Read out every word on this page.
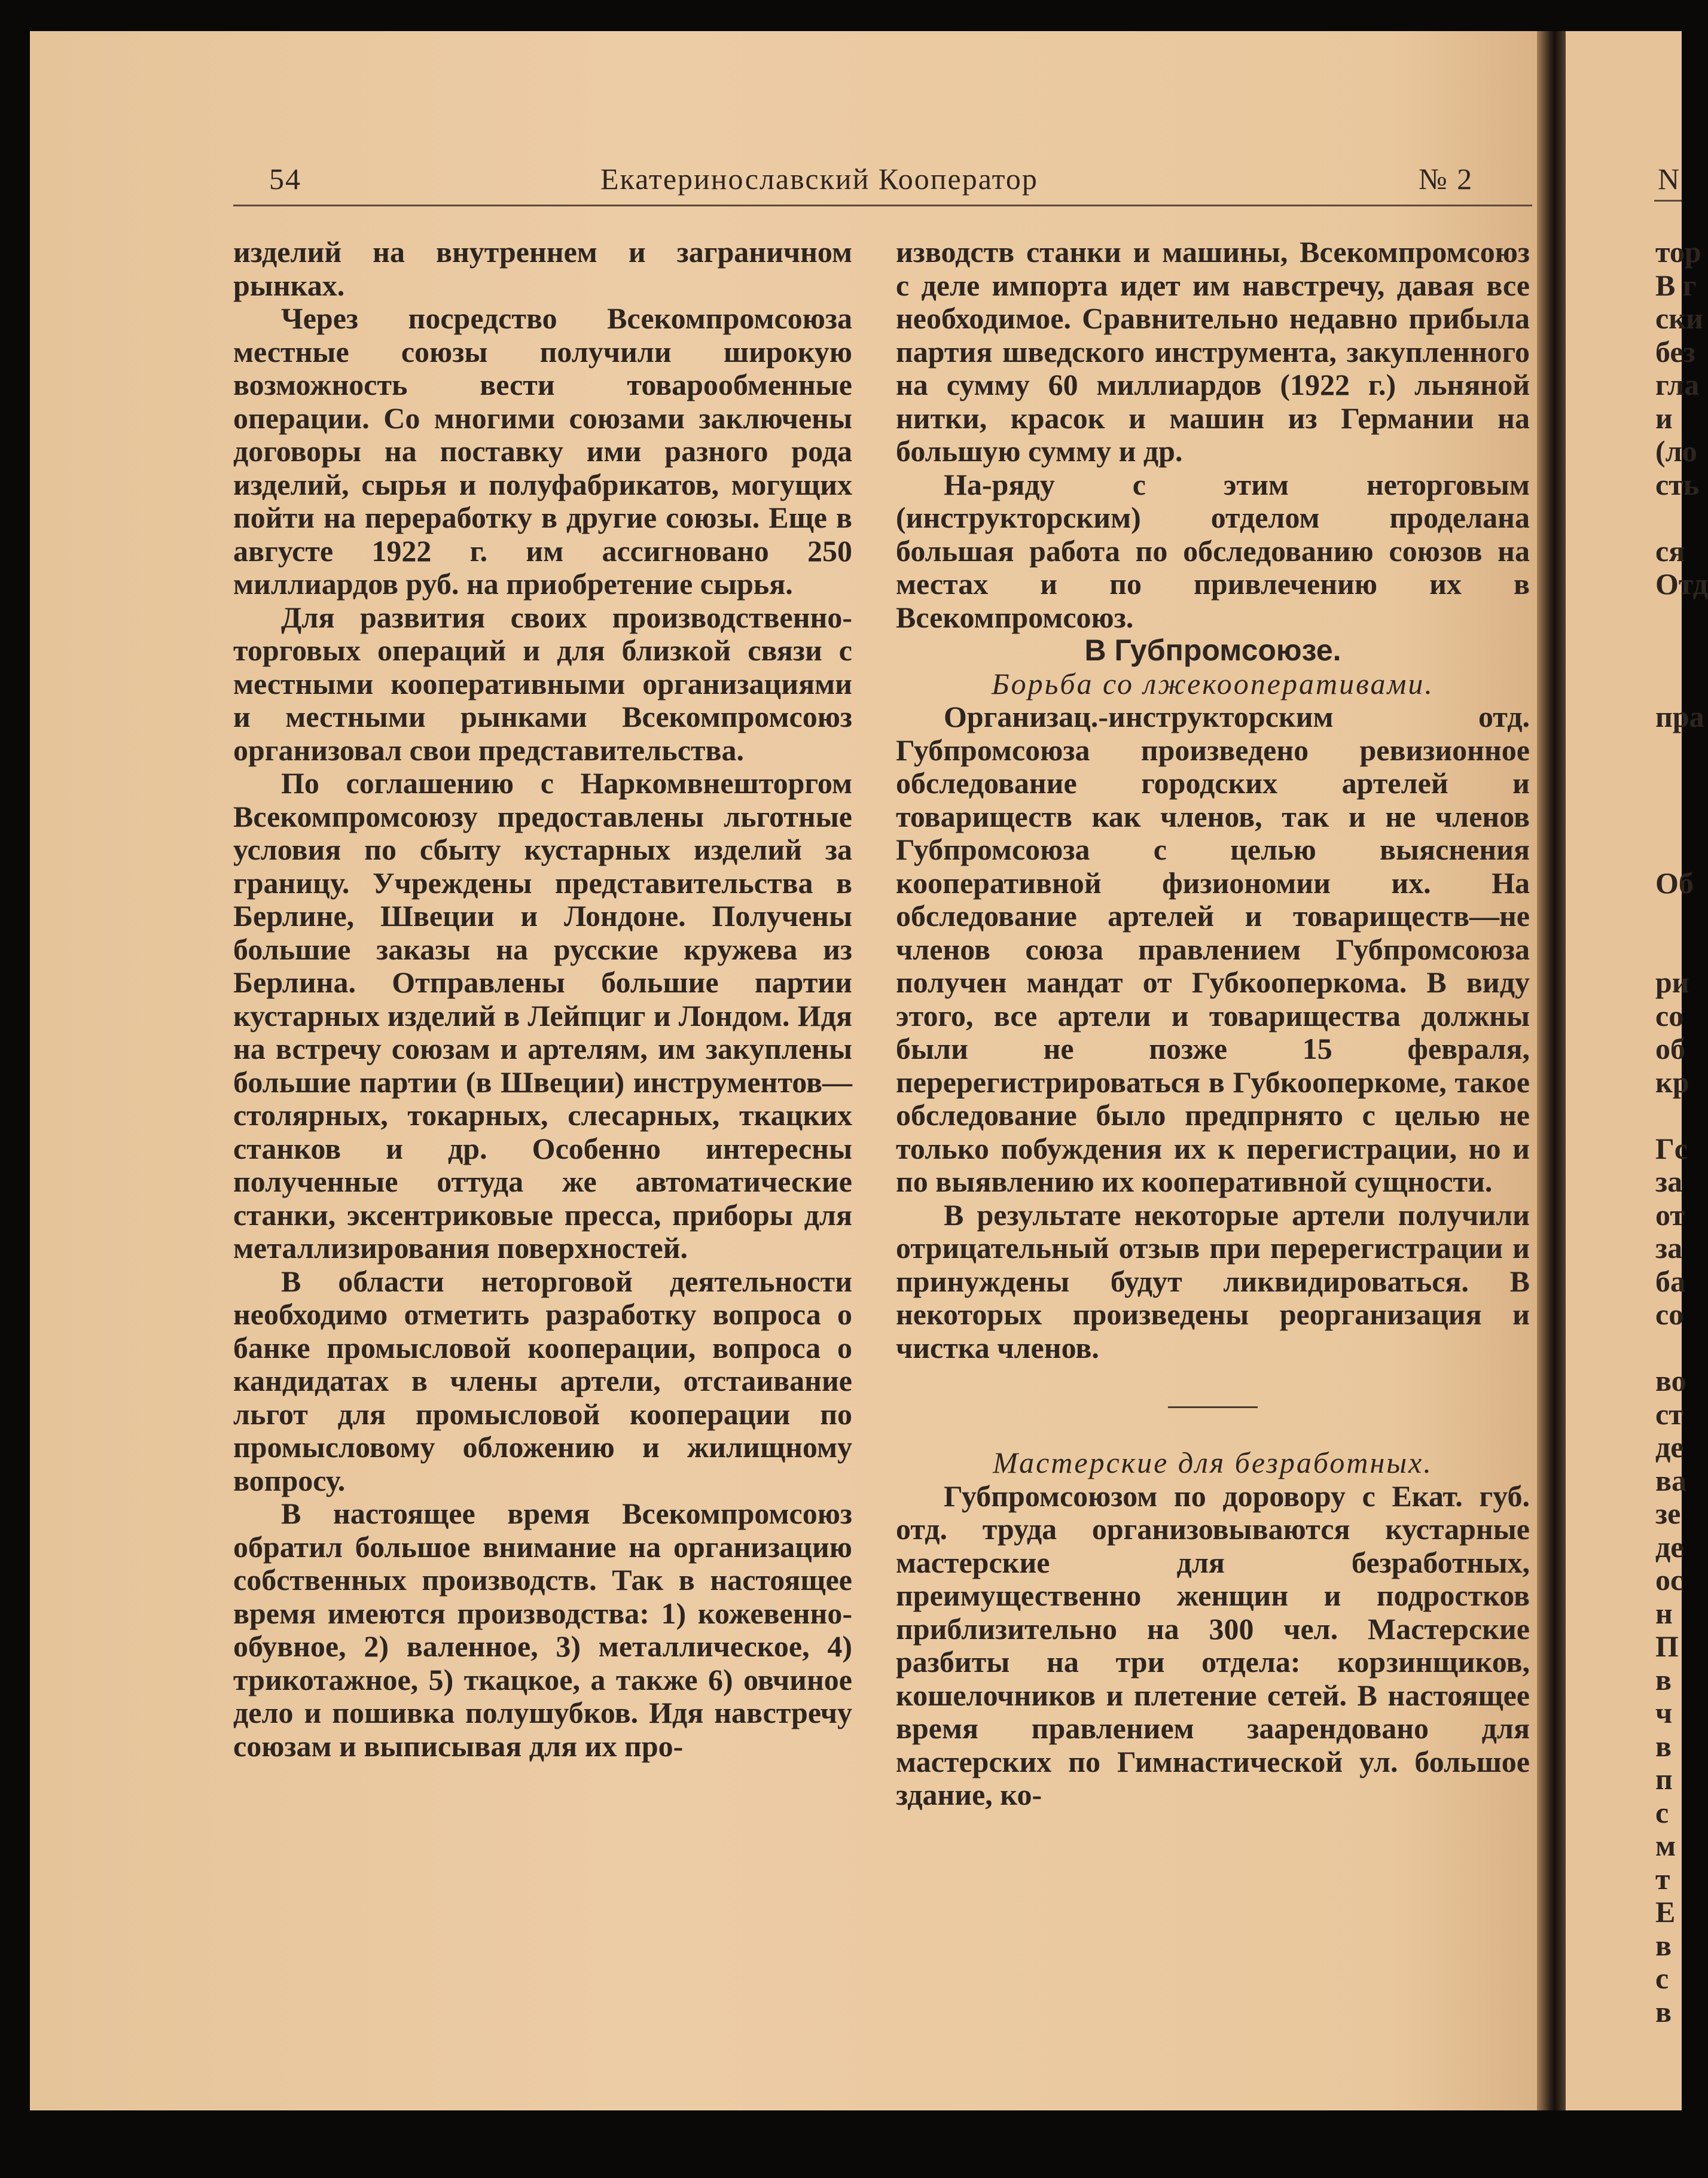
54	Екатеринославский Кооператор	№ 2

изделий на внутреннем и заграничном рынках.

Через посредство Всекомпромсоюза местные союзы получили широкую возможность вести товарообменные операции. Со многими союзами заключены договоры на поставку ими разного рода изделий, сырья и полуфабрикатов, могущих пойти на переработку в другие союзы. Еще в августе 1922 г. им ассигновано 250 миллиардов руб. на приобретение сырья.

Для развития своих производственно-торговых операций и для близкой связи с местными кооперативными организациями и местными рынками Всекомпромсоюз организовал свои представительства.

По соглашению с Наркомвнешторгом Всекомпромсоюзу предоставлены льготные условия по сбыту кустарных изделий за границу. Учреждены представительства в Берлине, Швеции и Лондоне. Получены большие заказы на русские кружева из Берлина. Отправлены большие партии кустарных изделий в Лейпциг и Лондом. Идя на встречу союзам и артелям, им закуплены большие партии (в Швеции) инструментов—столярных, токарных, слесарных, ткацких станков и др. Особенно интересны полученные оттуда же автоматические станки, эксентриковые пресса, приборы для металлизирования поверхностей.

В области неторговой деятельности необходимо отметить разработку вопроса о банке промысловой кооперации, вопроса о кандидатах в члены артели, отстаивание льгот для промысловой кооперации по промысловому обложению и жилищному вопросу.

В настоящее время Всекомпромсоюз обратил большое внимание на организацию собственных производств. Так в настоящее время имеются производства: 1) кожевенно-обувное, 2) валенное, 3) металлическое, 4) трикотажное, 5) ткацкое, а также 6) овчиное дело и пошивка полушубков. Идя навстречу союзам и выписывая для их про-

изводств станки и машины, Всекомпромсоюз с деле импорта идет им навстречу, давая все необходимое. Сравнительно недавно прибыла партия шведского инструмента, закупленного на сумму 60 миллиардов (1922 г.) льняной нитки, красок и машин из Германии на большую сумму и др.

На-ряду с этим неторговым (инструкторским) отделом проделана большая работа по обследованию союзов на местах и по привлечению их в Всекомпромсоюз.

В Губпромсоюзе.

Борьба со лжекооперативами.

Организац.-инструкторским отд. Губпромсоюза произведено ревизионное обследование городских артелей и товариществ как членов, так и не членов Губпромсоюза с целью выяснения кооперативной физиономии их. На обследование артелей и товариществ—не членов союза правлением Губпромсоюза получен мандат от Губкооперкома. В виду этого, все артели и товарищества должны были не позже 15 февраля, перерегистрироваться в Губкооперкоме, такое обследование было предпрнято с целью не только побуждения их к перегистрации, но и по выявлению их кооперативной сущности.

В результате некоторые артели получили отрицательный отзыв при перерегистрации и принуждены будут ликвидироваться. В некоторых произведены реорганизация и чистка членов.

Мастерские для безработных.

Губпромсоюзом по доровору с Екат. губ. отд. труда организовываются кустарные мастерские для безработных, преимущественно женщин и подростков приблизительно на 300 чел. Мастерские разбиты на три отдела: корзинщиков, кошелочников и плетение сетей. В настоящее время правлением заарендовано для мастерских по Гимнастической ул. большое здание, ко-

N
тор
В г
ски
без
гла
и
(ло
сть
ся
Отд
пра
Об
ри
со
об
кр
Гс
за
от
за
ба
со
во
ст
де
ва
зе
де
ос
н
П
в
ч
в
п
с
м
т
Е
в
с
в
